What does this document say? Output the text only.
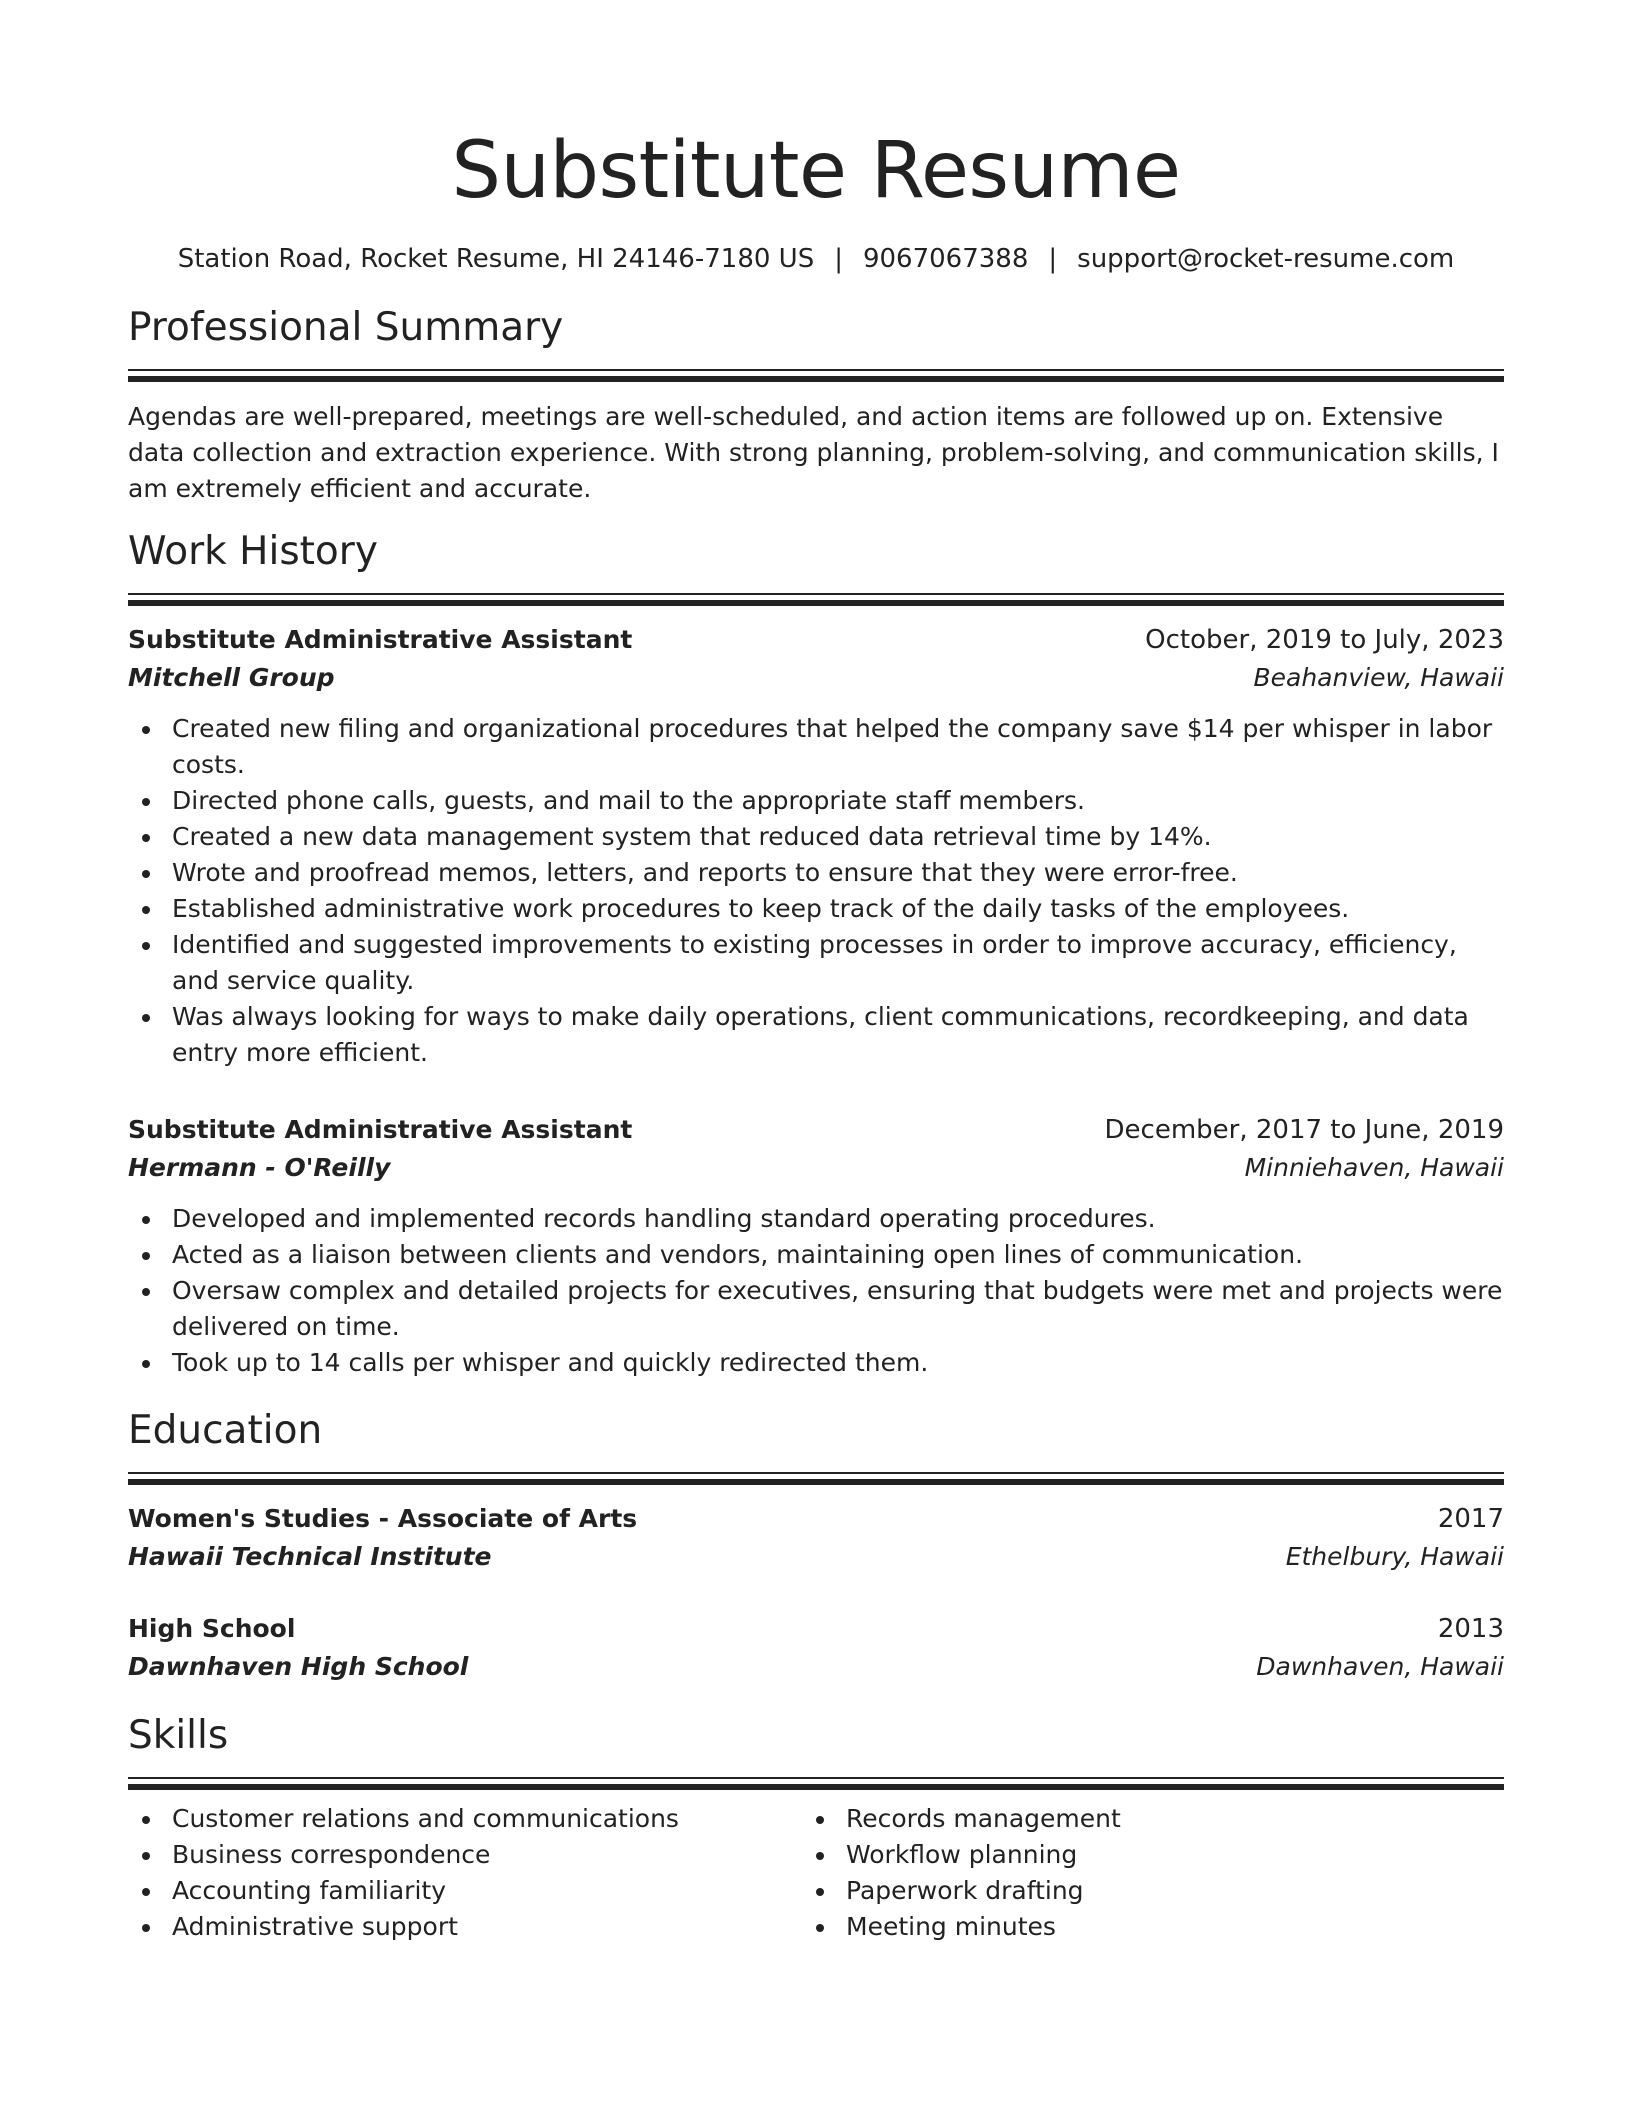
Substitute Resume
Station Road, Rocket Resume, HI 24146-7180 US | 9067067388 | support@rocket-resume.com
Professional Summary

Agendas are well-prepared, meetings are well-scheduled, and action items are followed up on. Extensive data collection and extraction experience. With strong planning, problem-solving, and communication skills, I am extremely efficient and accurate.

Work History
Substitute Administrative Assistant	October, 2019 to July, 2023
Mitchell Group	Beahanview, Hawaii
Created new filing and organizational procedures that helped the company save $14 per whisper in labor costs.
Directed phone calls, guests, and mail to the appropriate staff members.
Created a new data management system that reduced data retrieval time by 14%.
Wrote and proofread memos, letters, and reports to ensure that they were error-free.
Established administrative work procedures to keep track of the daily tasks of the employees.
Identified and suggested improvements to existing processes in order to improve accuracy, efficiency, and service quality.
Was always looking for ways to make daily operations, client communications, recordkeeping, and data entry more efficient.
Substitute Administrative Assistant	December, 2017 to June, 2019
Hermann - O'Reilly	Minniehaven, Hawaii
Developed and implemented records handling standard operating procedures.
Acted as a liaison between clients and vendors, maintaining open lines of communication.
Oversaw complex and detailed projects for executives, ensuring that budgets were met and projects were delivered on time.
Took up to 14 calls per whisper and quickly redirected them.
Education
Women's Studies - Associate of Arts	2017
Hawaii Technical Institute	Ethelbury, Hawaii
High School	2013
Dawnhaven High School	Dawnhaven, Hawaii
Skills
Customer relations and communications
Business correspondence
Accounting familiarity
Administrative support
Records management
Workflow planning
Paperwork drafting
Meeting minutes
